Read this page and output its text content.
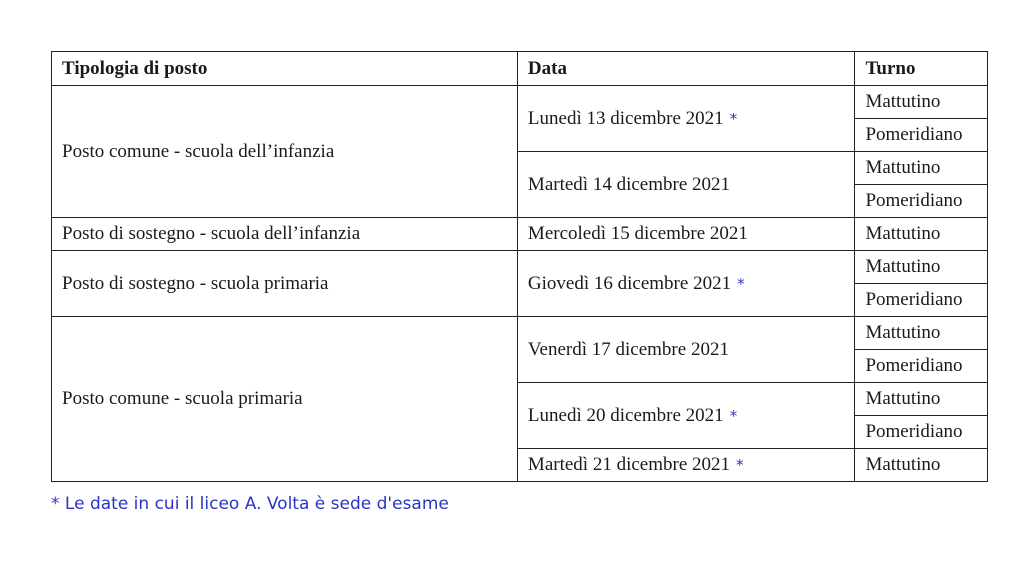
Tipologia di posto	Data	Turno
Posto comune - scuola dell’infanzia	Lunedì 13 dicembre 2021 *	Mattutino
		Pomeridiano
	Martedì 14 dicembre 2021	Mattutino
		Pomeridiano
Posto di sostegno - scuola dell’infanzia	Mercoledì 15 dicembre 2021	Mattutino
Posto di sostegno - scuola primaria	Giovedì 16 dicembre 2021 *	Mattutino
		Pomeridiano
Posto comune - scuola primaria	Venerdì 17 dicembre 2021	Mattutino
		Pomeridiano
	Lunedì 20 dicembre 2021 *	Mattutino
		Pomeridiano
	Martedì 21 dicembre 2021 *	Mattutino
* Le date in cui il liceo A. Volta è sede d'esame
